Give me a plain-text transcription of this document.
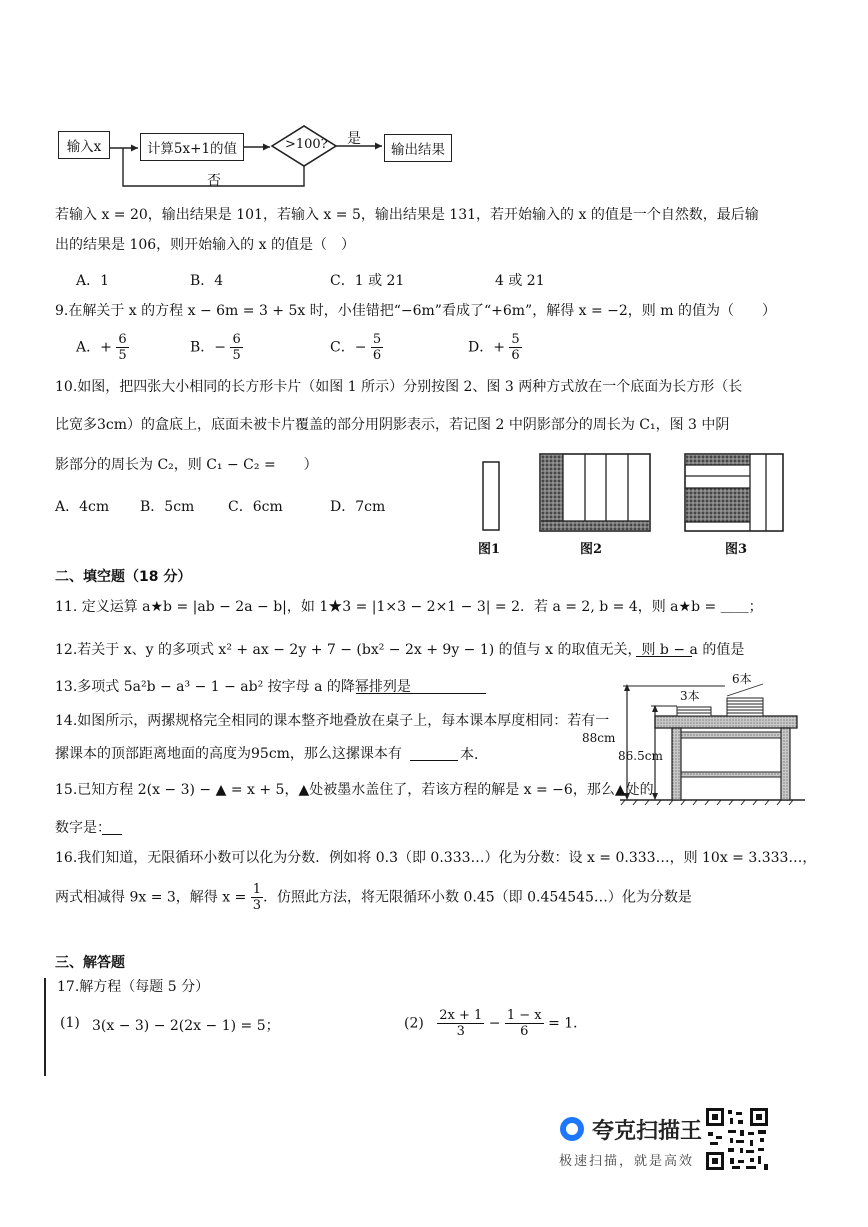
输入x	计算5x+1的值	输出结果
>100? 是
否
若输入 x = 20，输出结果是 101，若输入 x = 5，输出结果是 131，若开始输入的 x 的值是一个自然数，最后输
出的结果是 106，则开始输入的 x 的值是（　）
A．1	B．4	C．1 或 21	4 或 21
9.在解关于 x 的方程 x − 6m = 3 + 5x 时，小佳错把“−6m”看成了“+6m”，解得 x = −2，则 m 的值为（　　）
A．+ $\frac{6}{5}$	B．− $\frac{6}{5}$	C．− $\frac{5}{6}$	D．+ $\frac{5}{6}$
10.如图，把四张大小相同的长方形卡片（如图 1 所示）分别按图 2、图 3 两种方式放在一个底面为长方形（长
比宽多3cm）的盒底上，底面未被卡片覆盖的部分用阴影表示，若记图 2 中阴影部分的周长为 C₁，图 3 中阴
影部分的周长为 C₂，则 C₁ − C₂ =　　）
A．4cm B．5cm C．6cm	D．7cm
图1	图2	图3
二、填空题（18 分）
11. 定义运算 a★b = |ab − 2a − b|，如 1★3 = |1×3 − 2×1 − 3| = 2．若 a = 2, b = 4，则 a★b = ＿＿；
12.若关于 x、y 的多项式 x² + ax − 2y + 7 − (bx² − 2x + 9y − 1) 的值与 x 的取值无关，则 b − a 的值是
13.多项式 5a²b − a³ − 1 − ab² 按字母 a 的降幂排列是
14.如图所示，两摞规格完全相同的课本整齐地叠放在桌子上，每本课本厚度相同：若有一
摞课本的顶部距离地面的高度为95cm，那么这摞课本有	本．
6本
3本
88cm
86.5cm
15.已知方程 2(x − 3) − ▲ = x + 5，▲处被墨水盖住了，若该方程的解是 x = −6，那么▲处的
数字是：
16.我们知道，无限循环小数可以化为分数．例如将 0.3̇（即 0.333…）化为分数：设 x = 0.333…，则 10x = 3.333…，
两式相减得 9x = 3，解得 $x = \frac{1}{3}$ ．仿照此方法，将无限循环小数 0.4̇5̇（即 0.454545…）化为分数是
三、解答题
17.解方程（每题 5 分）
(1) 3(x − 3) − 2(2x − 1) = 5；	$(2) \frac{2x + 1}{3} - \frac{1 - x}{6} = 1$．
夸克扫描王
极速扫描，就是高效
